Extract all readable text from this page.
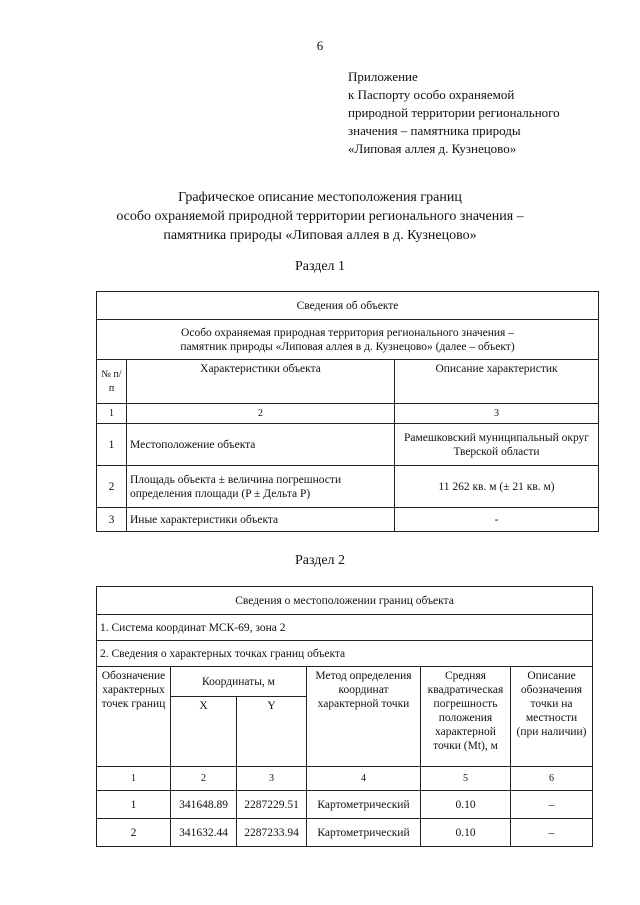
6
Приложение
к Паспорту особо охраняемой
природной территории регионального
значения – памятника природы
«Липовая аллея д. Кузнецово»
Графическое описание местоположения границ
особо охраняемой природной территории регионального значения –
памятника природы «Липовая аллея в д. Кузнецово»
Раздел 1
Сведения об объекте		

Особо охраняемая природная территория регионального значения –
памятник природы «Липовая аллея в д. Кузнецово» (далее – объект)		

№ п/п	Характеристики объекта	Описание характеристик
1	2	3
1	Местоположение объекта	Рамешковский муниципальный округ Тверской области
2	Площадь объекта ± величина погрешности определения площади (P ± Дельта P)	11 262 кв. м (± 21 кв. м)
3	Иные характеристики объекта	-
Раздел 2
Сведения о местоположении границ объекта					
1. Система координат МСК-69, зона 2					
2. Сведения о характерных точках границ объекта					
Обозначение характерных точек границ	Координаты, м		Метод определения координат характерной точки	Средняя квадратическая погрешность положения характерной точки (Mt), м	Описание обозначения точки на местности (при наличии)
	X	Y			
1	2	3	4	5	6
1	341648.89	2287229.51	Картометрический	0.10	–
2	341632.44	2287233.94	Картометрический	0.10	–
